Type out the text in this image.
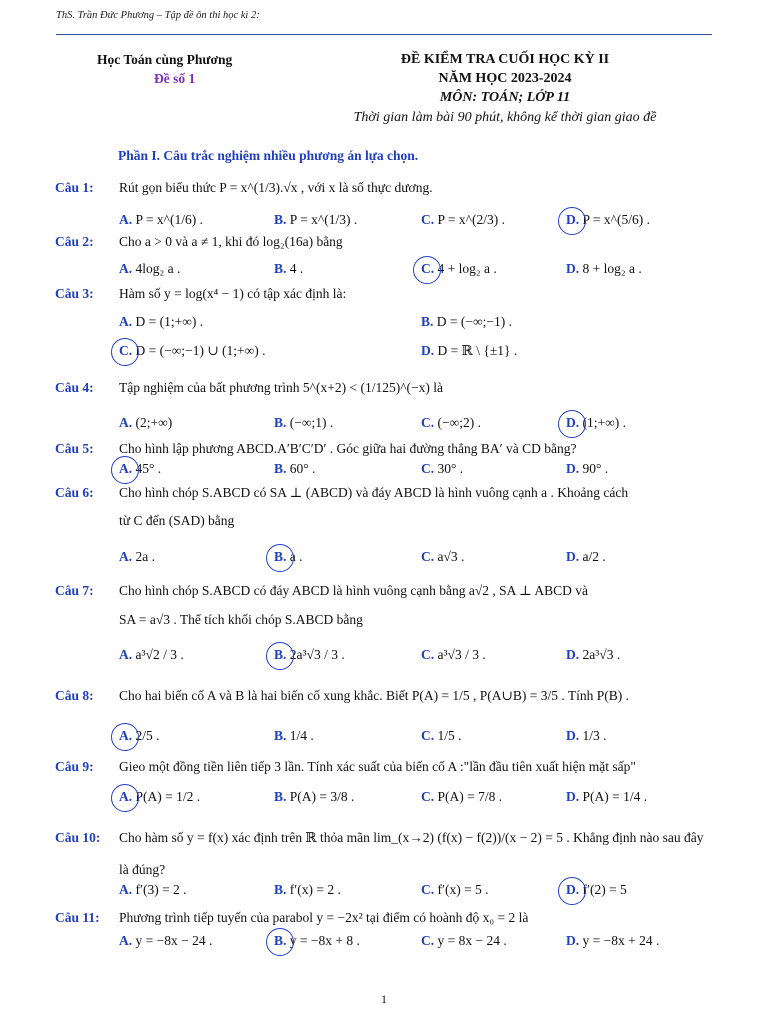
ThS. Trần Đức Phương – Tập đề ôn thi học kì 2:
Học Toán cùng Phương
Đề số 1
ĐỀ KIỂM TRA CUỐI HỌC KỲ II
NĂM HỌC 2023-2024
MÔN: TOÁN; LỚP 11
Thời gian làm bài 90 phút, không kể thời gian giao đề
Phần I. Câu trắc nghiệm nhiều phương án lựa chọn.
Câu 1: Rút gọn biểu thức P = x^(1/3).√x , với x là số thực dương.
A. P = x^(1/6) .	B. P = x^(1/3) .	C. P = x^(2/3) .	D. P = x^(5/6) .
Câu 2: Cho a > 0 và a ≠ 1, khi đó log₂(16a) bằng
A. 4log₂ a .	B. 4 .	C. 4 + log₂ a .	D. 8 + log₂ a .
Câu 3: Hàm số y = log(x⁴ − 1) có tập xác định là:
A. D = (1;+∞) .	B. D = (−∞;−1) .
C. D = (−∞;−1) ∪ (1;+∞) .	D. D = ℝ \ {±1} .
Câu 4: Tập nghiệm của bất phương trình 5^(x+2) < (1/125)^(−x) là
A. (2;+∞)	B. (−∞;1) .	C. (−∞;2) .	D. (1;+∞) .
Câu 5: Cho hình lập phương ABCD.A′B′C′D′ . Góc giữa hai đường thẳng BA′ và CD bằng?
A. 45° .	B. 60° .	C. 30° .	D. 90° .
Câu 6: Cho hình chóp S.ABCD có SA ⊥ (ABCD) và đáy ABCD là hình vuông cạnh a . Khoảng cách
từ C đến (SAD) bằng
A. 2a .	B. a .	C. a√3 .	D. a/2 .
Câu 7: Cho hình chóp S.ABCD có đáy ABCD là hình vuông cạnh bằng a√2 , SA ⊥ ABCD và
SA = a√3 . Thể tích khối chóp S.ABCD bằng
A. a³√2 / 3 .	B. 2a³√3 / 3 .	C. a³√3 / 3 .	D. 2a³√3 .
Câu 8: Cho hai biến cố A và B là hai biến cố xung khắc. Biết P(A) = 1/5 , P(A∪B) = 3/5 . Tính P(B) .
A. 2/5 .	B. 1/4 .	C. 1/5 .	D. 1/3 .
Câu 9: Gieo một đồng tiền liên tiếp 3 lần. Tính xác suất của biến cố A :"lần đầu tiên xuất hiện mặt sấp"
A. P(A) = 1/2 .	B. P(A) = 3/8 .	C. P(A) = 7/8 .	D. P(A) = 1/4 .
Câu 10: Cho hàm số y = f(x) xác định trên ℝ thỏa mãn lim_(x→2) (f(x) − f(2))/(x − 2) = 5 . Khẳng định nào sau đây
là đúng?
A. f′(3) = 2 .	B. f′(x) = 2 .	C. f′(x) = 5 .	D. f′(2) = 5
Câu 11: Phương trình tiếp tuyến của parabol y = −2x² tại điểm có hoành độ x₀ = 2 là
A. y = −8x − 24 .	B. y = −8x + 8 .	C. y = 8x − 24 .	D. y = −8x + 24 .
1
